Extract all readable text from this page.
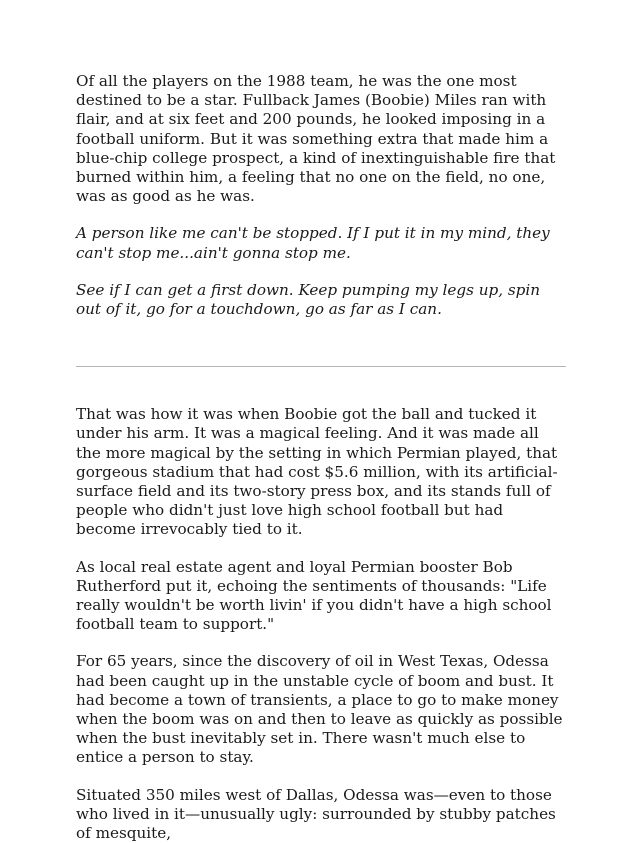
Of all the players on the 1988 team, he was the one most destined to be a star. Fullback James (Boobie) Miles ran with flair, and at six feet and 200 pounds, he looked imposing in a football uniform. But it was something extra that made him a blue-chip college prospect, a kind of inextinguishable fire that burned within him, a feeling that no one on the field, no one, was as good as he was.

A person like me can't be stopped. If I put it in my mind, they can't stop me...ain't gonna stop me.

See if I can get a first down. Keep pumping my legs up, spin out of it, go for a touchdown, go as far as I can.

That was how it was when Boobie got the ball and tucked it under his arm. It was a magical feeling. And it was made all the more magical by the setting in which Permian played, that gorgeous stadium that had cost $5.6 million, with its artificial-surface field and its two-story press box, and its stands full of people who didn't just love high school football but had become irrevocably tied to it.

As local real estate agent and loyal Permian booster Bob Rutherford put it, echoing the sentiments of thousands: "Life really wouldn't be worth livin' if you didn't have a high school football team to support."

For 65 years, since the discovery of oil in West Texas, Odessa had been caught up in the unstable cycle of boom and bust. It had become a town of transients, a place to go to make money when the boom was on and then to leave as quickly as possible when the bust inevitably set in. There wasn't much else to entice a person to stay.

Situated 350 miles west of Dallas, Odessa was—even to those who lived in it—unusually ugly: surrounded by stubby patches of mesquite,
